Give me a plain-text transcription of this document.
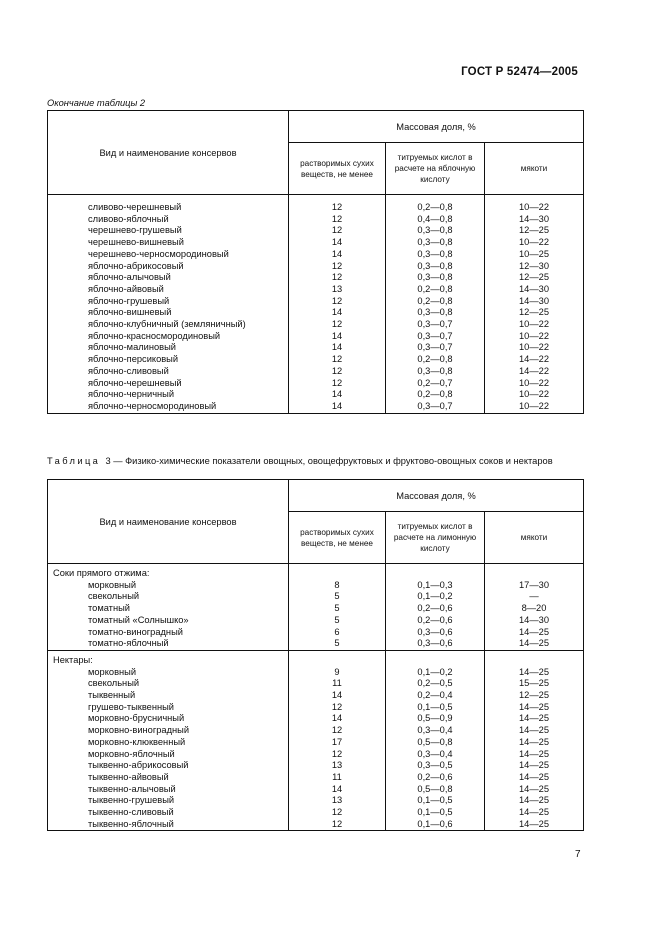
ГОСТ Р 52474—2005
Окончание таблицы 2
Вид и наименование консервов	Массовая доля, %		
	растворимых сухих веществ, не менее	титруемых кислот в расчете на яблочную кислоту	мякоти

сливово-черешневый	12	0,2—0,8	10—22
сливово-яблочный	12	0,4—0,8	14—30
черешнево-грушевый	12	0,3—0,8	12—25
черешнево-вишневый	14	0,3—0,8	10—22
черешнево-черносмородиновый	14	0,3—0,8	10—25
яблочно-абрикосовый	12	0,3—0,8	12—30
яблочно-алычовый	12	0,3—0,8	12—25
яблочно-айвовый	13	0,2—0,8	14—30
яблочно-грушевый	12	0,2—0,8	14—30
яблочно-вишневый	14	0,3—0,8	12—25
яблочно-клубничный (земляничный)	12	0,3—0,7	10—22
яблочно-красносмородиновый	14	0,3—0,7	10—22
яблочно-малиновый	14	0,3—0,7	10—22
яблочно-персиковый	12	0,2—0,8	14—22
яблочно-сливовый	12	0,3—0,8	14—22
яблочно-черешневый	12	0,2—0,7	10—22
яблочно-черничный	14	0,2—0,8	10—22
яблочно-черносмородиновый	14	0,3—0,7	10—22
Таблица 3 — Физико-химические показатели овощных, овощефруктовых и фруктово-овощных соков и нектаров
Вид и наименование консервов	Массовая доля, %		
	растворимых сухих веществ, не менее	титруемых кислот в расчете на лимонную кислоту	мякоти

Соки прямого отжима:			
морковный	8	0,1—0,3	17—30
свекольный	5	0,1—0,2	—
томатный	5	0,2—0,6	8—20
томатный «Солнышко»	5	0,2—0,6	14—30
томатно-виноградный	6	0,3—0,6	14—25
томатно-яблочный	5	0,3—0,6	14—25

Нектары:			
морковный	9	0,1—0,2	14—25
свекольный	11	0,2—0,5	15—25
тыквенный	14	0,2—0,4	12—25
грушево-тыквенный	12	0,1—0,5	14—25
морковно-брусничный	14	0,5—0,9	14—25
морковно-виноградный	12	0,3—0,4	14—25
морковно-клюквенный	17	0,5—0,8	14—25
морковно-яблочный	12	0,3—0,4	14—25
тыквенно-абрикосовый	13	0,3—0,5	14—25
тыквенно-айвовый	11	0,2—0,6	14—25
тыквенно-алычовый	14	0,5—0,8	14—25
тыквенно-грушевый	13	0,1—0,5	14—25
тыквенно-сливовый	12	0,1—0,5	14—25
тыквенно-яблочный	12	0,1—0,6	14—25
7
